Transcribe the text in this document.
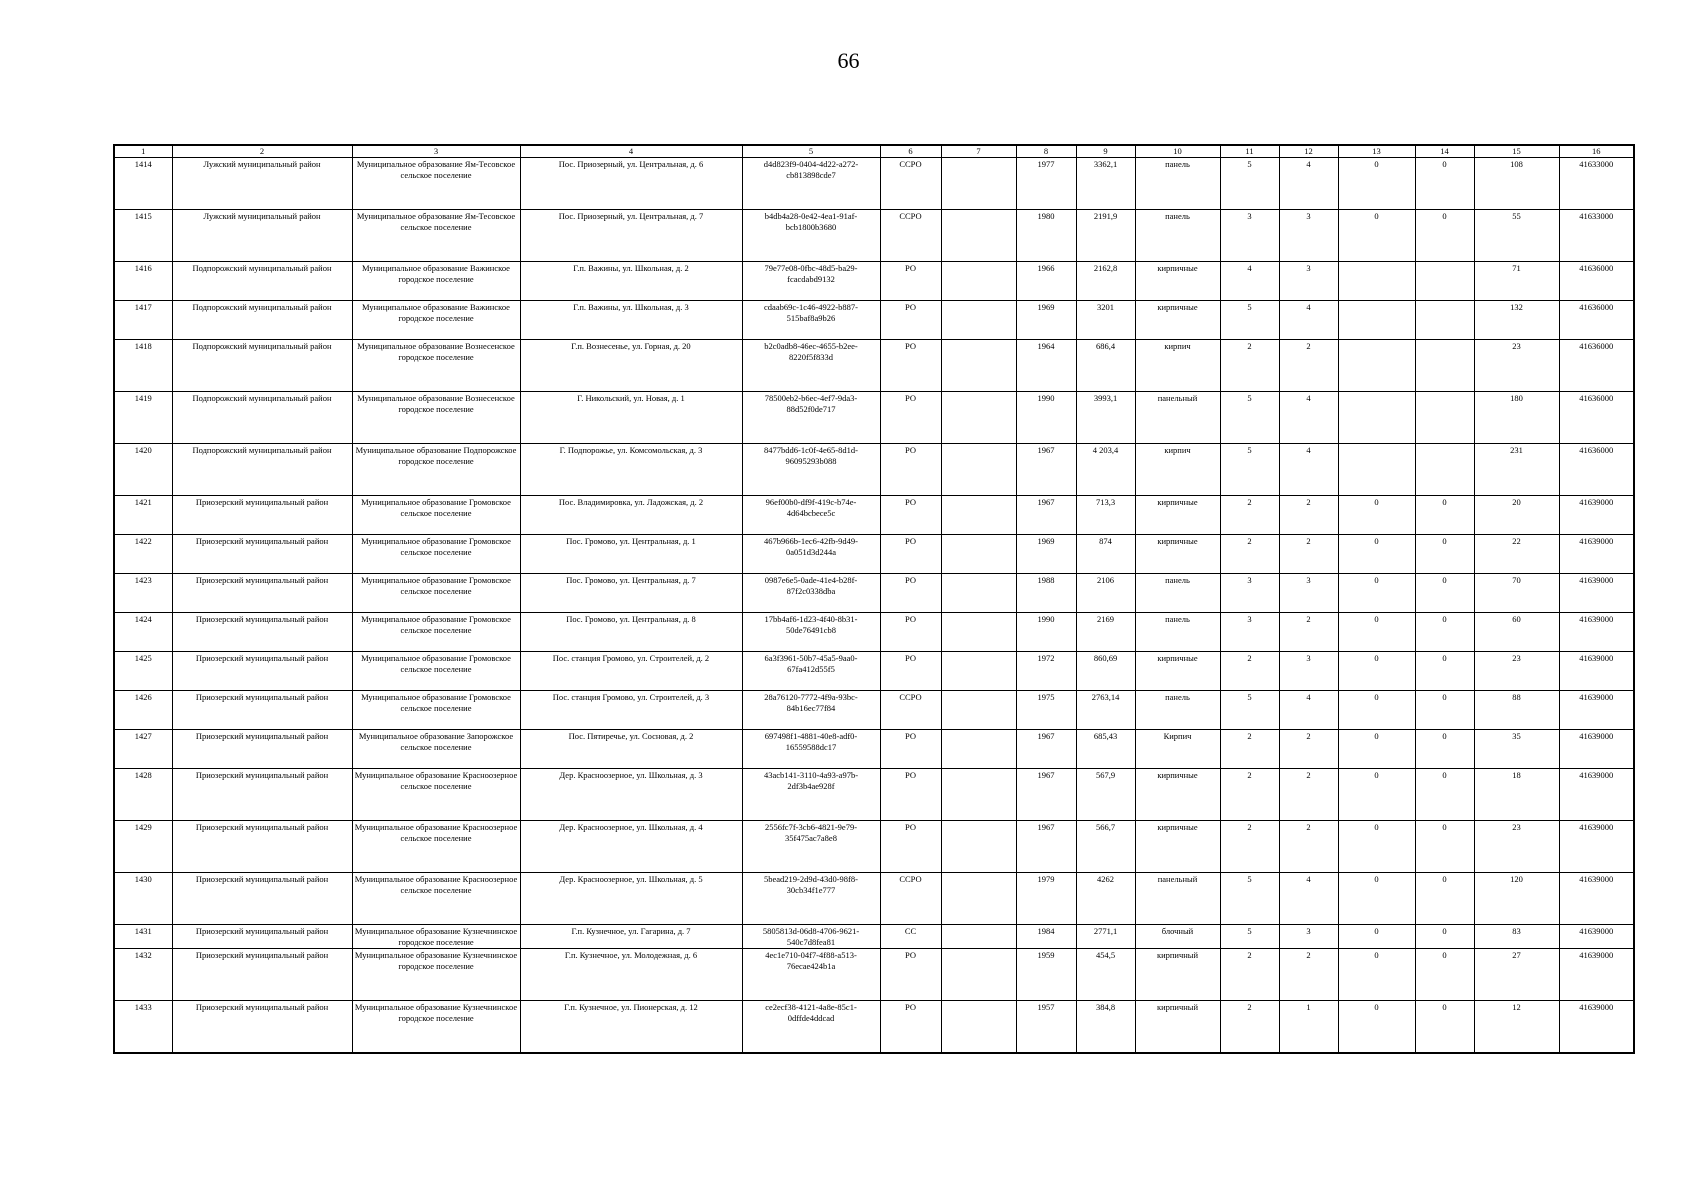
66
1	2	3	4	5	6	7	8	9	10	11	12	13	14	15	16
1414	Лужский муниципальный район	Муниципальное образование Ям-Тесовское сельское поселение	Пос. Приозерный, ул. Центральная, д. 6	d4d823f9-0404-4d22-a272-cb813898cde7	ССРО		1977	3362,1	панель	5	4	0	0	108	41633000
1415	Лужский муниципальный район	Муниципальное образование Ям-Тесовское сельское поселение	Пос. Приозерный, ул. Центральная, д. 7	b4db4a28-0e42-4ea1-91af-bcb1800b3680	ССРО		1980	2191,9	панель	3	3	0	0	55	41633000
1416	Подпорожский муниципальный район	Муниципальное образование Важинское городское поселение	Г.п. Важины, ул. Школьная, д. 2	79e77e08-0fbc-48d5-ba29-fcacdabd9132	РО		1966	2162,8	кирпичные	4	3			71	41636000
1417	Подпорожский муниципальный район	Муниципальное образование Важинское городское поселение	Г.п. Важины, ул. Школьная, д. 3	cdaab69c-1c46-4922-b887-515baf8a9b26	РО		1969	3201	кирпичные	5	4			132	41636000
1418	Подпорожский муниципальный район	Муниципальное образование Вознесенское городское поселение	Г.п. Вознесенье, ул. Горная, д. 20	b2c0adb8-46ec-4655-b2ee-8220f5f833d	РО		1964	686,4	кирпич	2	2			23	41636000
1419	Подпорожский муниципальный район	Муниципальное образование Вознесенское городское поселение	Г. Никольский, ул. Новая, д. 1	78500eb2-b6ec-4ef7-9da3-88d52f0de717	РО		1990	3993,1	панельный	5	4			180	41636000
1420	Подпорожский муниципальный район	Муниципальное образование Подпорожское городское поселение	Г. Подпорожье, ул. Комсомольская, д. 3	8477bdd6-1c0f-4e65-8d1d-96095293b088	РО		1967	4 203,4	кирпич	5	4			231	41636000
1421	Приозерский муниципальный район	Муниципальное образование Громовское сельское поселение	Пос. Владимировка, ул. Ладожская, д. 2	96ef00b0-df9f-419c-b74e-4d64bcbece5c	РО		1967	713,3	кирпичные	2	2	0	0	20	41639000
1422	Приозерский муниципальный район	Муниципальное образование Громовское сельское поселение	Пос. Громово, ул. Центральная, д. 1	467b966b-1ec6-42fb-9d49-0a051d3d244a	РО		1969	874	кирпичные	2	2	0	0	22	41639000
1423	Приозерский муниципальный район	Муниципальное образование Громовское сельское поселение	Пос. Громово, ул. Центральная, д. 7	0987e6e5-0ade-41e4-b28f-87f2c0338dba	РО		1988	2106	панель	3	3	0	0	70	41639000
1424	Приозерский муниципальный район	Муниципальное образование Громовское сельское поселение	Пос. Громово, ул. Центральная, д. 8	17bb4af6-1d23-4f40-8b31-50de76491cb8	РО		1990	2169	панель	3	2	0	0	60	41639000
1425	Приозерский муниципальный район	Муниципальное образование Громовское сельское поселение	Пос. станция Громово, ул. Строителей, д. 2	6a3f3961-50b7-45a5-9aa0-67fa412d55f5	РО		1972	860,69	кирпичные	2	3	0	0	23	41639000
1426	Приозерский муниципальный район	Муниципальное образование Громовское сельское поселение	Пос. станция Громово, ул. Строителей, д. 3	28a76120-7772-4f9a-93bc-84b16ec77f84	ССРО		1975	2763,14	панель	5	4	0	0	88	41639000
1427	Приозерский муниципальный район	Муниципальное образование Запорожское сельское поселение	Пос. Пятиречье, ул. Сосновая, д. 2	697498f1-4881-40e8-adf0-16559588dc17	РО		1967	685,43	Кирпич	2	2	0	0	35	41639000
1428	Приозерский муниципальный район	Муниципальное образование Красноозерное сельское поселение	Дер. Красноозерное, ул. Школьная, д. 3	43acb141-3110-4a93-a97b-2df3b4ae928f	РО		1967	567,9	кирпичные	2	2	0	0	18	41639000
1429	Приозерский муниципальный район	Муниципальное образование Красноозерное сельское поселение	Дер. Красноозерное, ул. Школьная, д. 4	2556fc7f-3cb6-4821-9e79-35f475ac7a8e8	РО		1967	566,7	кирпичные	2	2	0	0	23	41639000
1430	Приозерский муниципальный район	Муниципальное образование Красноозерное сельское поселение	Дер. Красноозерное, ул. Школьная, д. 5	5bead219-2d9d-43d0-98f8-30cb34f1e777	ССРО		1979	4262	панельный	5	4	0	0	120	41639000
1431	Приозерский муниципальный район	Муниципальное образование Кузнечнинское городское поселение	Г.п. Кузнечное, ул. Гагарина, д. 7	5805813d-06d8-4706-9621-540c7d8fea81	СС		1984	2771,1	блочный	5	3	0	0	83	41639000
1432	Приозерский муниципальный район	Муниципальное образование Кузнечнинское городское поселение	Г.п. Кузнечное, ул. Молодежная, д. 6	4ec1e710-04f7-4f88-a513-76ecae424b1a	РО		1959	454,5	кирпичный	2	2	0	0	27	41639000
1433	Приозерский муниципальный район	Муниципальное образование Кузнечнинское городское поселение	Г.п. Кузнечное, ул. Пионерская, д. 12	ce2ecf38-4121-4a8e-85c1-0dffde4ddcad	РО		1957	384,8	кирпичный	2	1	0	0	12	41639000
